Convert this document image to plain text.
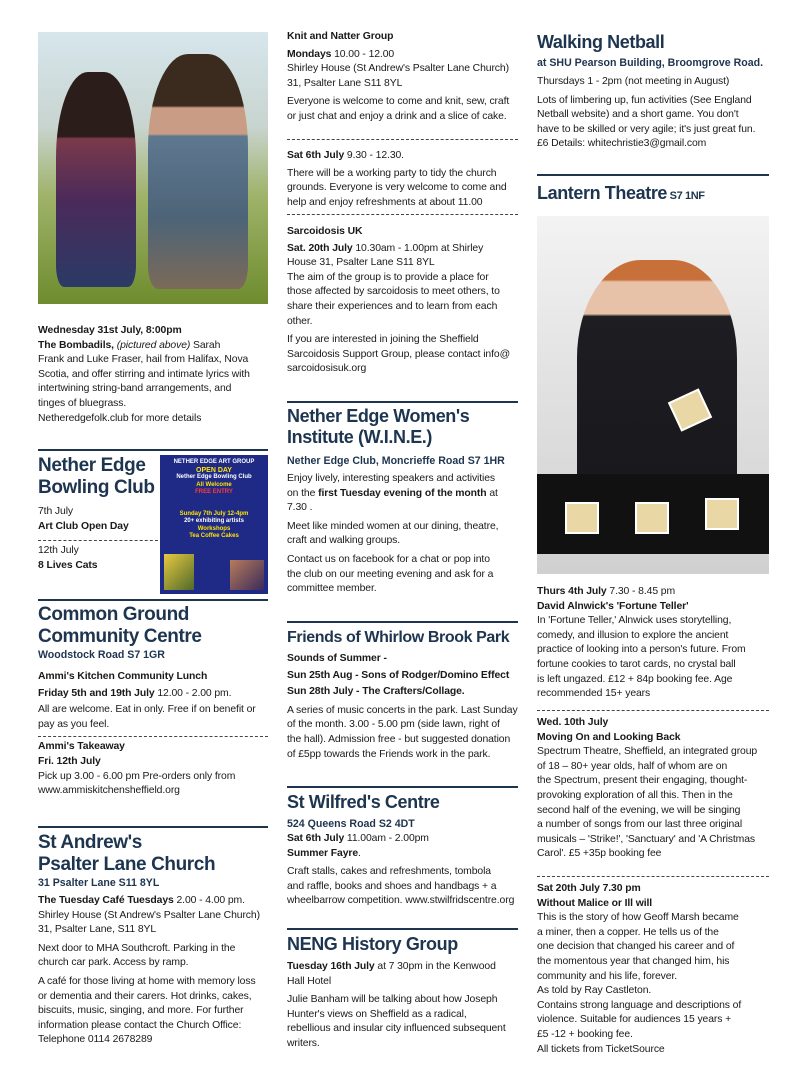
Wednesday 31st July, 8:00pm

The Bombadils, (pictured above) Sarah

Frank and Luke Fraser, hail from Halifax, Nova

Scotia, and offer stirring and intimate lyrics with

intertwining string-band arrangements, and

tinges of bluegrass.

Netheredgefolk.club for more details

Nether Edge
Bowling Club

7th July

Art Club Open Day

12th July

8 Lives Cats

NETHER EDGE ART GROUP
OPEN DAY
Nether Edge Bowling Club
All Welcome
FREE ENTRY
Sunday 7th July 12-4pm
20+ exhibiting artists
Workshops
Tea Coffee Cakes
Common Ground
Community Centre
Woodstock Road S7 1GR

Ammi's Kitchen Community Lunch

Friday 5th and 19th July 12.00 - 2.00 pm.

All are welcome. Eat in only. Free if on benefit or

pay as you feel.

Ammi's Takeaway

Fri. 12th July

Pick up 3.00 - 6.00 pm Pre-orders only from

www.ammiskitchensheffield.org

St Andrew's
Psalter Lane Church
31 Psalter Lane S11 8YL

The Tuesday Café Tuesdays 2.00 - 4.00 pm.

Shirley House (St Andrew's Psalter Lane Church)

31, Psalter Lane, S11 8YL

Next door to MHA Southcroft. Parking in the

church car park. Access by ramp.

A café for those living at home with memory loss

or dementia and their carers. Hot drinks, cakes,

biscuits, music, singing, and more. For further

information please contact the Church Office:

Telephone 0114 2678289

Knit and Natter Group

Mondays 10.00 - 12.00

Shirley House (St Andrew's Psalter Lane Church)

31, Psalter Lane S11 8YL

Everyone is welcome to come and knit, sew, craft

or just chat and enjoy a drink and a slice of cake.

Sat 6th July 9.30 - 12.30.

There will be a working party to tidy the church

grounds. Everyone is very welcome to come and

help and enjoy refreshments at about 11.00

Sarcoidosis UK

Sat. 20th July 10.30am - 1.00pm at Shirley

House 31, Psalter Lane S11 8YL

The aim of the group is to provide a place for

those affected by sarcoidosis to meet others, to

share their experiences and to learn from each

other.

If you are interested in joining the Sheffield

Sarcoidosis Support Group, please contact info@

sarcoidosisuk.org

Nether Edge Women's
Institute (W.I.N.E.)
Nether Edge Club, Moncrieffe Road S7 1HR

Enjoy lively, interesting speakers and activities

on the first Tuesday evening of the month at

7.30 .

Meet like minded women at our dining, theatre,

craft and walking groups.

Contact us on facebook for a chat or pop into

the club on our meeting evening and ask for a

committee member.

Friends of Whirlow Brook Park

Sounds of Summer -

Sun 25th Aug - Sons of Rodger/Domino Effect

Sun 28th July - The Crafters/Collage.

A series of music concerts in the park. Last Sunday

of the month. 3.00 - 5.00 pm (side lawn, right of

the hall). Admission free - but suggested donation

of £5pp towards the Friends work in the park.

St Wilfred's Centre
524 Queens Road S2 4DT

Sat 6th July 11.00am - 2.00pm

Summer Fayre.

Craft stalls, cakes and refreshments, tombola

and raffle, books and shoes and handbags + a

wheelbarrow competition. www.stwilfridscentre.org

NENG History Group

Tuesday 16th July at 7 30pm in the Kenwood

Hall Hotel

Julie Banham will be talking about how Joseph

Hunter's views on Sheffield as a radical,

rebellious and insular city influenced subsequent

writers.

Walking Netball
at SHU Pearson Building, Broomgrove Road.

Thursdays 1 - 2pm (not meeting in August)

Lots of limbering up, fun activities (See England

Netball website) and a short game. You don't

have to be skilled or very agile; it's just great fun.

£6 Details: whitechristie3@gmail.com

Lantern Theatre S7 1NF

Thurs 4th July 7.30 - 8.45 pm

David Alnwick's 'Fortune Teller'

In 'Fortune Teller,' Alnwick uses storytelling,

comedy, and illusion to explore the ancient

practice of looking into a person's future. From

fortune cookies to tarot cards, no crystal ball

is left ungazed. £12 + 84p booking fee. Age

recommended 15+ years

Wed. 10th July

Moving On and Looking Back

Spectrum Theatre, Sheffield, an integrated group

of 18 – 80+ year olds, half of whom are on

the Spectrum, present their engaging, thought-

provoking exploration of all this. Then in the

second half of the evening, we will be singing

a number of songs from our last three original

musicals – 'Strike!', 'Sanctuary' and 'A Christmas

Carol'. £5 +35p booking fee

Sat 20th July 7.30 pm

Without Malice or Ill will

This is the story of how Geoff Marsh became

a miner, then a copper. He tells us of the

one decision that changed his career and of

the momentous year that changed him, his

community and his life, forever.

As told by Ray Castleton.

Contains strong language and descriptions of

violence. Suitable for audiences 15 years +

£5 -12 + booking fee.

All tickets from TicketSource
